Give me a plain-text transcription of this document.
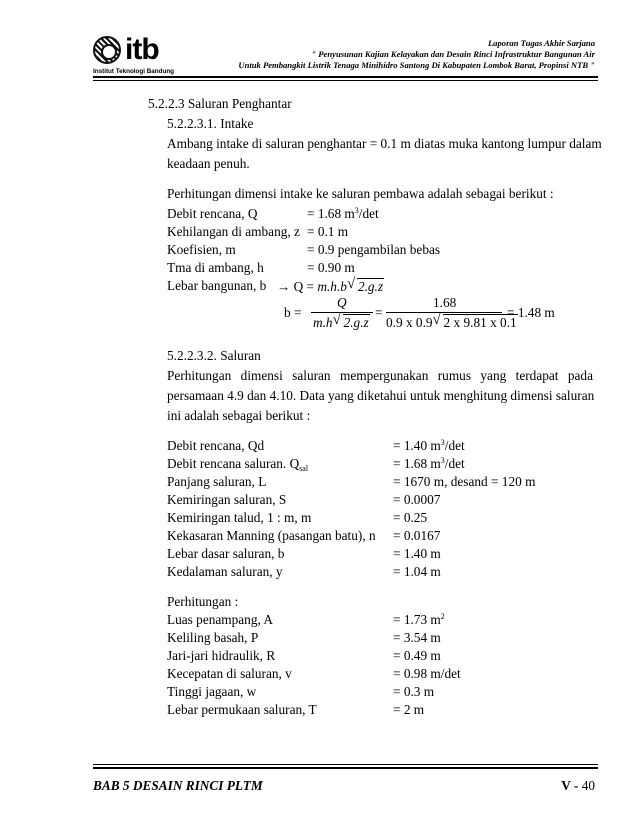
itb
Institut Teknologi Bandung
Laporan Tugas Akhir Sarjana
" Penyusunan Kajian Kelayakan dan Desain Rinci Infrastruktur Bangunan Air
Untuk Pembangkit Listrik Tenaga Minihidro Santong Di Kabupaten Lombok Barat, Propinsi NTB "
5.2.2.3 Saluran Penghantar
5.2.2.3.1. Intake
Ambang intake di saluran penghantar = 0.1 m diatas muka kantong lumpur dalam
keadaan penuh.
Perhitungan dimensi intake ke saluran pembawa adalah sebagai berikut :
Debit rencana, Q	= 1.68 $m^3/\det$
Kehilangan di ambang, z = 0.1 m
Koefisien, m	= 0.9 pengambilan bebas
Tma di ambang, h	= 0.90 m
Lebar bangunan, b → Q = m.h.b √ 2.g.z
b =
Q
m.h √ 2.g.z
=
1.68
0.9 x 0.9 √ 2 x 9.81 x 0.1
= 1.48 m
5.2.2.3.2. Saluran
Perhitungan dimensi saluran mempergunakan rumus yang terdapat pada
persamaan 4.9 dan 4.10. Data yang diketahui untuk menghitung dimensi saluran
ini adalah sebagai berikut :
Debit rencana, Qd	= 1.40 $m^3/\det$
Debit rencana saluran. $Q_{sal}$	= 1.68 $m^3/\det$
Panjang saluran, L	= 1670 m, desand = 120 m
Kemiringan saluran, S	= 0.0007
Kemiringan talud, 1 : m, m	= 0.25
Kekasaran Manning (pasangan batu), n = 0.0167
Lebar dasar saluran, b	= 1.40 m
Kedalaman saluran, y	= 1.04 m
Perhitungan :
Luas penampang, A	= 1.73 $m^2$
Keliling basah, P	= 3.54 m
Jari-jari hidraulik, R	= 0.49 m
Kecepatan di saluran, v	= 0.98 m/det
Tinggi jagaan, w	= 0.3 m
Lebar permukaan saluran, T	= 2 m
BAB 5 DESAIN RINCI PLTM	V - 40
